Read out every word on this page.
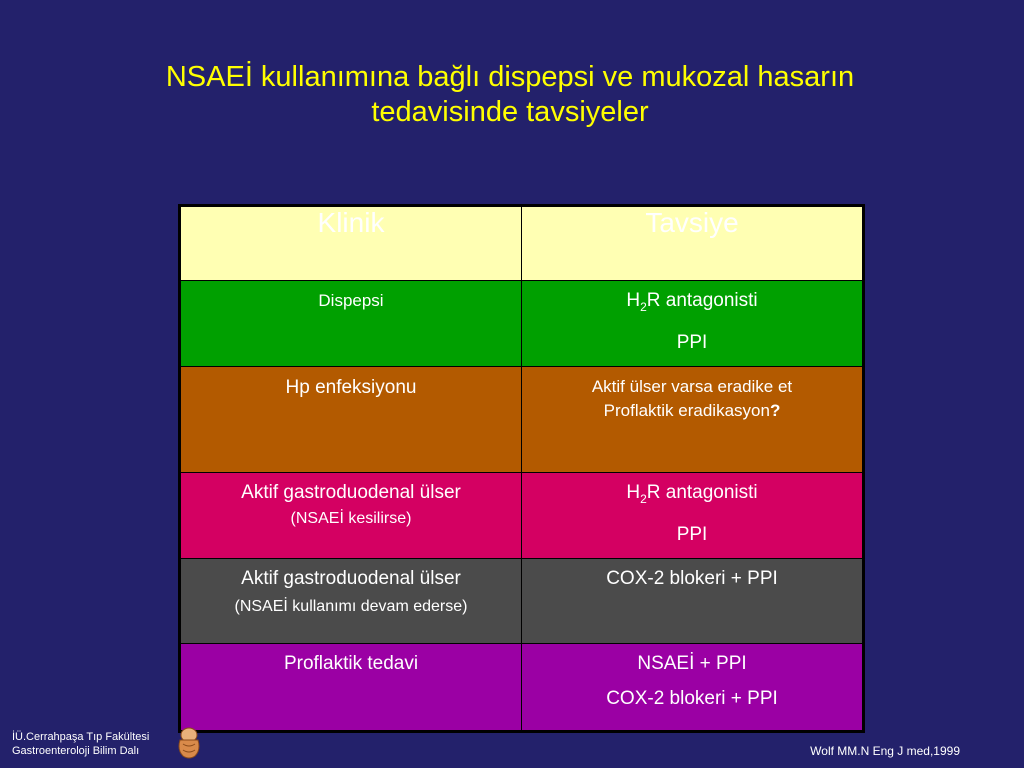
NSAEİ kullanımına bağlı dispepsi ve mukozal hasarın
tedavisinde tavsiyeler
Klinik	Tavsiye

Dispepsi	$H_2R$ antagonisti
PPI

Hp enfeksiyonu	Aktif ülser varsa eradike et
Proflaktik eradikasyon?

Aktif gastroduodenal ülser
(NSAEİ kesilirse)	$H_2R$ antagonisti
PPI

Aktif gastroduodenal ülser
(NSAEİ kullanımı devam ederse)	COX-2 blokeri + PPI

Proflaktik tedavi	NSAEİ + PPI
COX-2 blokeri + PPI
İÜ.Cerrahpaşa Tıp Fakültesi
Gastroenteroloji Bilim Dalı	Wolf MM.N Eng J med,1999
